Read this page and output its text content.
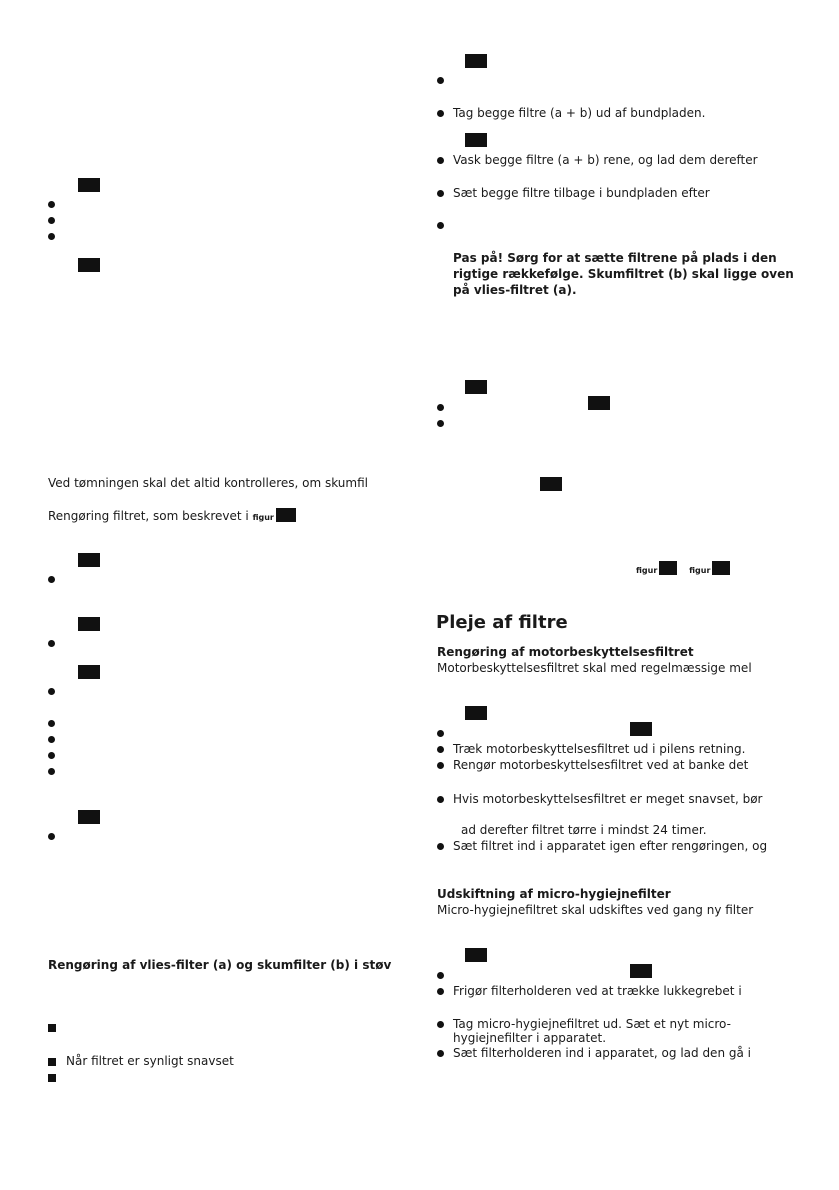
Ved tømningen skal det altid kontrolleres, om skumfil
Rengøring filtret, som beskrevet i figur
Rengøring af vlies-filter (a) og skumfilter (b) i støv
Når filtret er synligt snavset
Tag begge filtre (a + b) ud af bundpladen.
Vask begge filtre (a + b) rene, og lad dem derefter
Sæt begge filtre tilbage i bundpladen efter
Pas på! Sørg for at sætte filtrene på plads i den
rigtige rækkefølge. Skumfiltret (b) skal ligge oven
på vlies-filtret (a).
figur	figur
Pleje af filtre
Rengøring af motorbeskyttelsesfiltret
Motorbeskyttelsesfiltret skal med regelmæssige mel
Træk motorbeskyttelsesfiltret ud i pilens retning.
Rengør motorbeskyttelsesfiltret ved at banke det
Hvis motorbeskyttelsesfiltret er meget snavset, bør
ad derefter filtret tørre i mindst 24 timer.
Sæt filtret ind i apparatet igen efter rengøringen, og
Udskiftning af micro-hygiejnefilter
Micro-hygiejnefiltret skal udskiftes ved gang ny filter
Frigør filterholderen ved at trække lukkegrebet i
Tag micro-hygiejnefiltret ud. Sæt et nyt micro-
hygiejnefilter i apparatet.
Sæt filterholderen ind i apparatet, og lad den gå i
